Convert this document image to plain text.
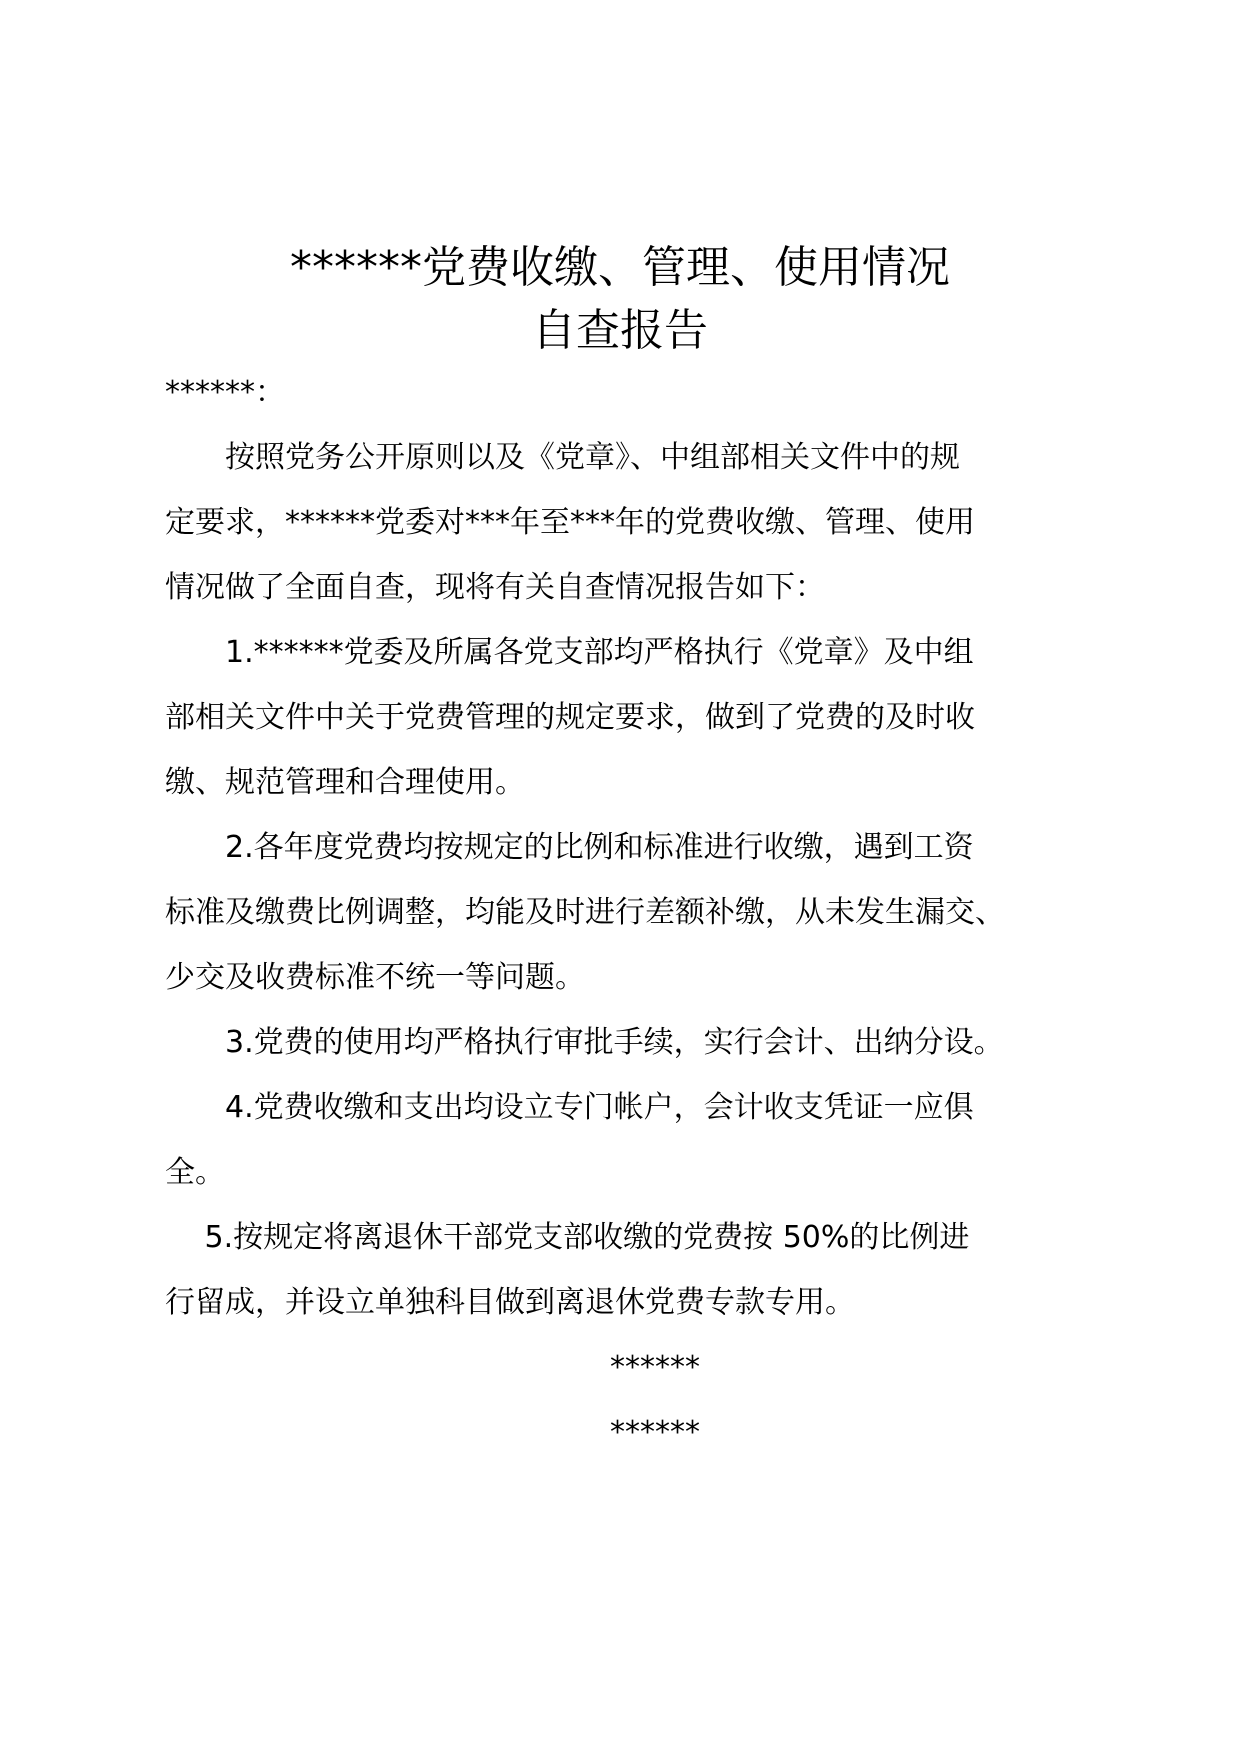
******党费收缴、管理、使用情况
自查报告
******：
　　按照党务公开原则以及《党章》、中组部相关文件中的规
定要求，******党委对***年至***年的党费收缴、管理、使用
情况做了全面自查，现将有关自查情况报告如下：
　　1.******党委及所属各党支部均严格执行《党章》及中组
部相关文件中关于党费管理的规定要求，做到了党费的及时收
缴、规范管理和合理使用。
　　2.各年度党费均按规定的比例和标准进行收缴，遇到工资
标准及缴费比例调整，均能及时进行差额补缴，从未发生漏交、
少交及收费标准不统一等问题。
　　3.党费的使用均严格执行审批手续，实行会计、出纳分设。
　　4.党费收缴和支出均设立专门帐户，会计收支凭证一应俱
全。
　 5.按规定将离退休干部党支部收缴的党费按 50%的比例进
行留成，并设立单独科目做到离退休党费专款专用。
******
******
